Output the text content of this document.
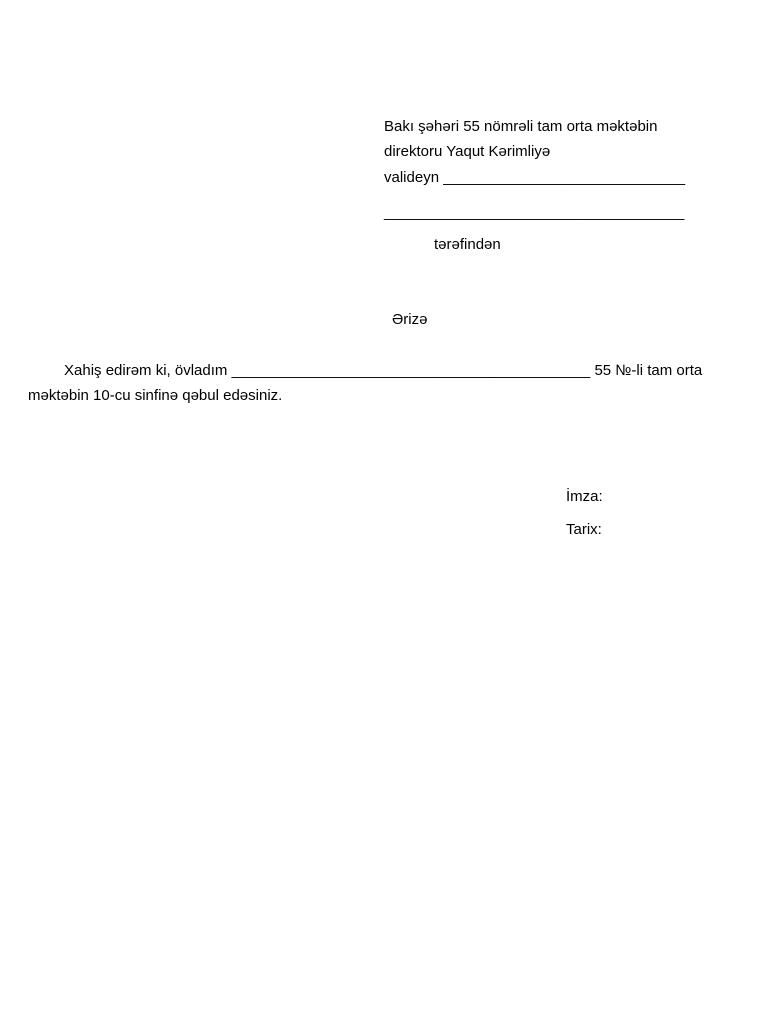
Bakı şəhəri 55 nömrəli tam orta məktəbin

direktoru Yaqut Kərimliyə

valideyn _____________________________

____________________________________

tərəfindən

Ərizə

Xahiş edirəm ki, övladım ___________________________________________ 55 №-li tam orta

məktəbin 10-cu sinfinə qəbul edəsiniz.

İmza:

Tarix:
